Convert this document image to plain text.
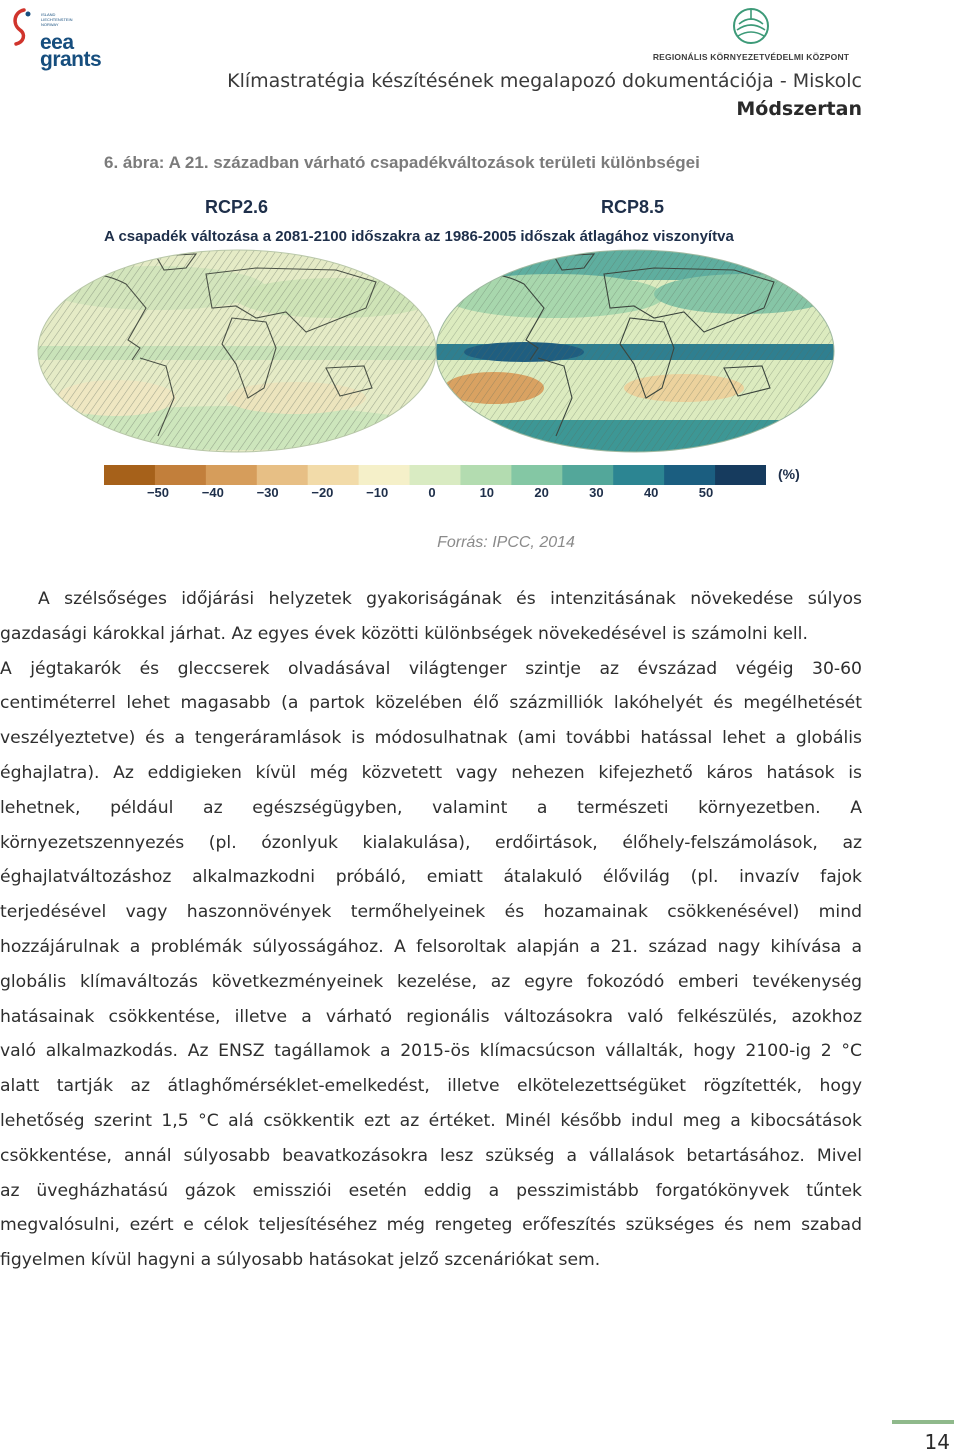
ISLAND LIECHTENSTEIN NORWAY
eea
grants	REGIONÁLIS KÖRNYEZETVÉDELMI KÖZPONT
Klímastratégia készítésének megalapozó dokumentációja - Miskolc
Módszertan
6. ábra: A 21. században várható csapadékváltozások területi különbségei
RCP2.6	RCP8.5
A csapadék változása a 2081-2100 időszakra az 1986-2005 időszak átlagához viszonyítva
(%)
−50	−40	−30	−20	−10	0	10	20	30	40	50
Forrás: IPCC, 2014
A szélsőséges időjárási helyzetek gyakoriságának és intenzitásának növekedése súlyos
gazdasági károkkal járhat. Az egyes évek közötti különbségek növekedésével is számolni kell.
A jégtakarók és gleccserek olvadásával világtenger szintje az évszázad végéig 30-60
centiméterrel lehet magasabb (a partok közelében élő százmilliók lakóhelyét és megélhetését
veszélyeztetve) és a tengeráramlások is módosulhatnak (ami további hatással lehet a globális
éghajlatra). Az eddigieken kívül még közvetett vagy nehezen kifejezhető káros hatások is
lehetnek, például az egészségügyben, valamint a természeti környezetben. A
környezetszennyezés (pl. ózonlyuk kialakulása), erdőirtások, élőhely-felszámolások, az
éghajlatváltozáshoz alkalmazkodni próbáló, emiatt átalakuló élővilág (pl. invazív fajok
terjedésével vagy haszonnövények termőhelyeinek és hozamainak csökkenésével) mind
hozzájárulnak a problémák súlyosságához. A felsoroltak alapján a 21. század nagy kihívása a
globális klímaváltozás következményeinek kezelése, az egyre fokozódó emberi tevékenység
hatásainak csökkentése, illetve a várható regionális változásokra való felkészülés, azokhoz
való alkalmazkodás. Az ENSZ tagállamok a 2015-ös klímacsúcson vállalták, hogy 2100-ig 2 °C
alatt tartják az átlaghőmérséklet-emelkedést, illetve elkötelezettségüket rögzítették, hogy
lehetőség szerint 1,5 °C alá csökkentik ezt az értéket. Minél később indul meg a kibocsátások
csökkentése, annál súlyosabb beavatkozásokra lesz szükség a vállalások betartásához. Mivel
az üvegházhatású gázok emissziói esetén eddig a pesszimistább forgatókönyvek tűntek
megvalósulni, ezért e célok teljesítéséhez még rengeteg erőfeszítés szükséges és nem szabad
figyelmen kívül hagyni a súlyosabb hatásokat jelző szcenáriókat sem.
14
